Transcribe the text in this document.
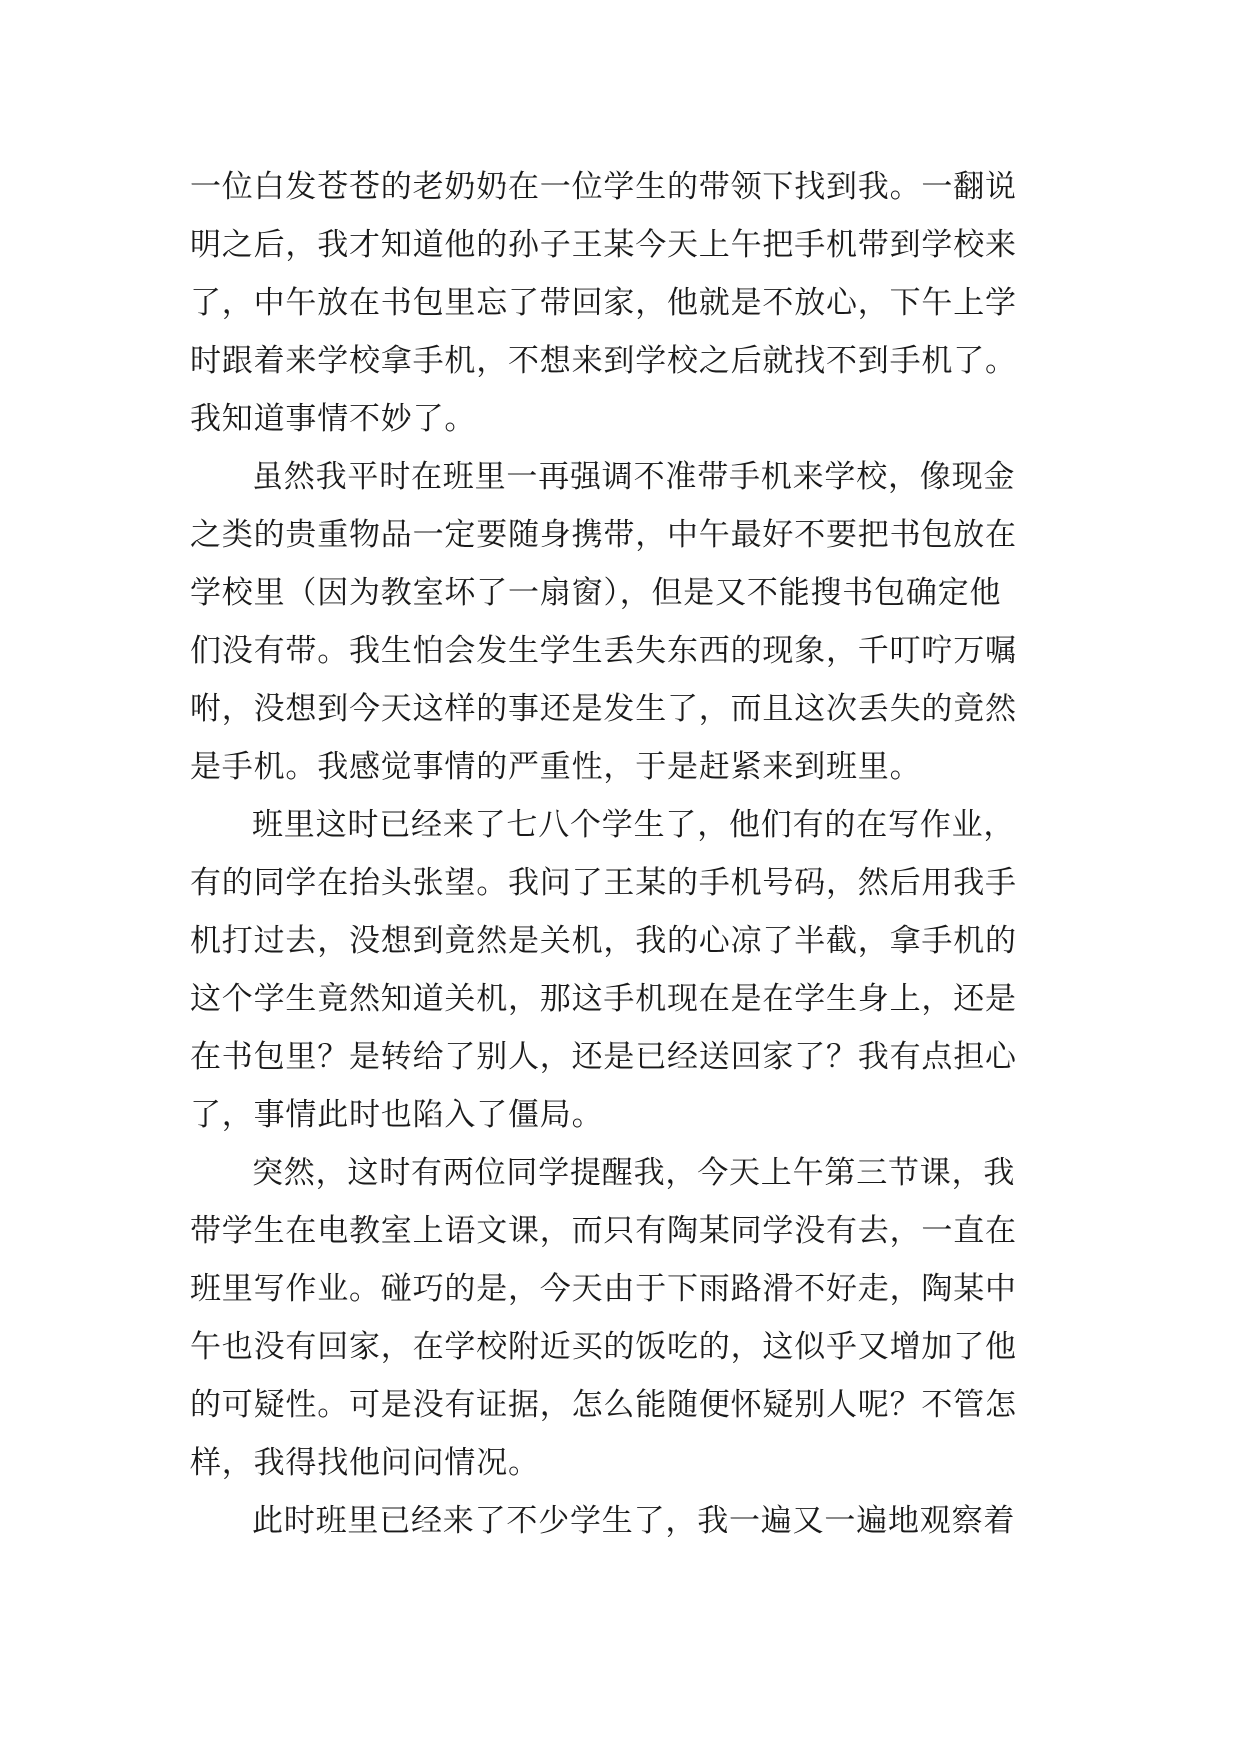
一位白发苍苍的老奶奶在一位学生的带领下找到我。一翻说
明之后，我才知道他的孙子王某今天上午把手机带到学校来
了，中午放在书包里忘了带回家，他就是不放心，下午上学
时跟着来学校拿手机，不想来到学校之后就找不到手机了。
我知道事情不妙了。
虽然我平时在班里一再强调不准带手机来学校，像现金
之类的贵重物品一定要随身携带，中午最好不要把书包放在
学校里（因为教室坏了一扇窗），但是又不能搜书包确定他
们没有带。我生怕会发生学生丢失东西的现象，千叮咛万嘱
咐，没想到今天这样的事还是发生了，而且这次丢失的竟然
是手机。我感觉事情的严重性，于是赶紧来到班里。
班里这时已经来了七八个学生了，他们有的在写作业，
有的同学在抬头张望。我问了王某的手机号码，然后用我手
机打过去，没想到竟然是关机，我的心凉了半截，拿手机的
这个学生竟然知道关机，那这手机现在是在学生身上，还是
在书包里？是转给了别人，还是已经送回家了？我有点担心
了，事情此时也陷入了僵局。
突然，这时有两位同学提醒我，今天上午第三节课，我
带学生在电教室上语文课，而只有陶某同学没有去，一直在
班里写作业。碰巧的是，今天由于下雨路滑不好走，陶某中
午也没有回家，在学校附近买的饭吃的，这似乎又增加了他
的可疑性。可是没有证据，怎么能随便怀疑别人呢？不管怎
样，我得找他问问情况。
此时班里已经来了不少学生了，我一遍又一遍地观察着
